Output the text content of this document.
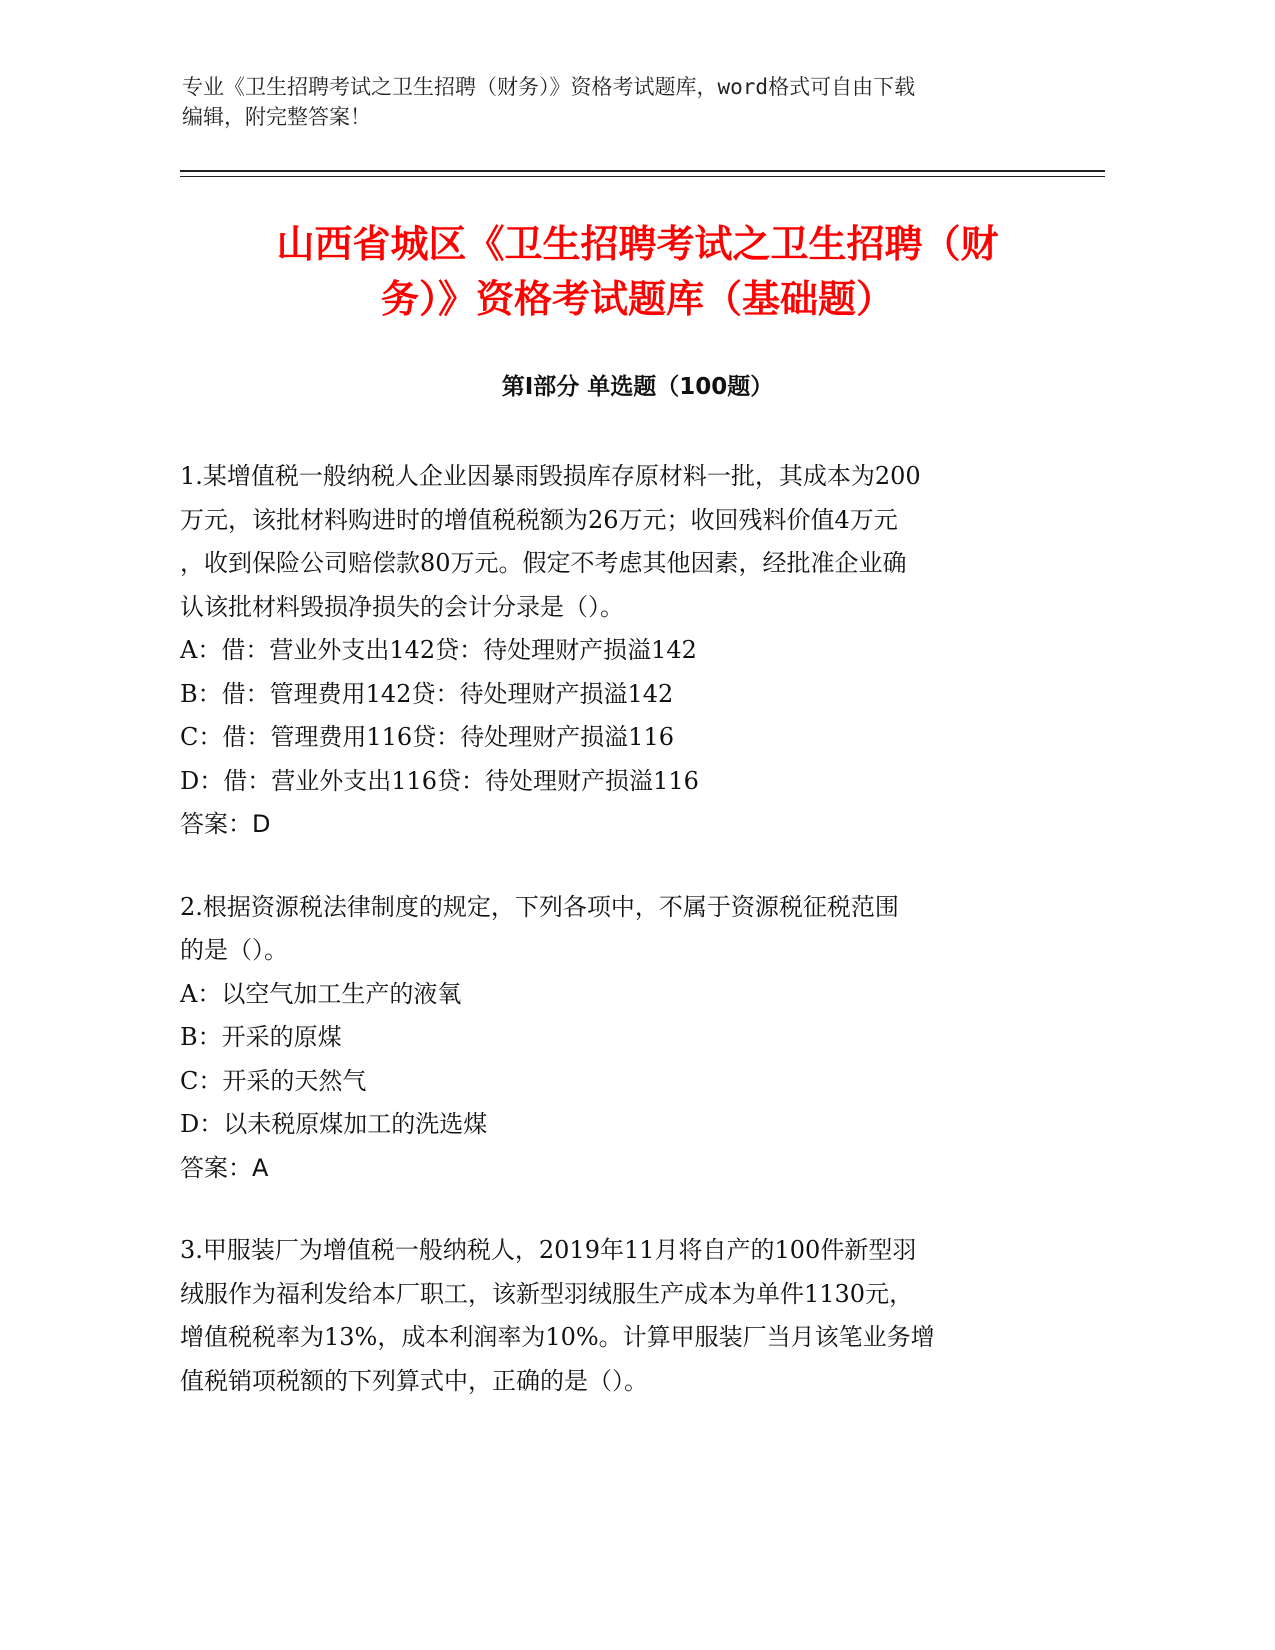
专业《卫生招聘考试之卫生招聘（财务）》资格考试题库，word格式可自由下载
编辑，附完整答案！
山西省城区《卫生招聘考试之卫生招聘（财
务）》资格考试题库（基础题）
第Ⅰ部分 单选题（100题）
1.某增值税一般纳税人企业因暴雨毁损库存原材料一批，其成本为200
万元，该批材料购进时的增值税税额为26万元；收回残料价值4万元
，收到保险公司赔偿款80万元。假定不考虑其他因素，经批准企业确
认该批材料毁损净损失的会计分录是（）。
A：借：营业外支出142贷：待处理财产损溢142
B：借：管理费用142贷：待处理财产损溢142
C：借：管理费用116贷：待处理财产损溢116
D：借：营业外支出116贷：待处理财产损溢116
答案：D
2.根据资源税法律制度的规定，下列各项中，不属于资源税征税范围
的是（）。
A：以空气加工生产的液氧
B：开采的原煤
C：开采的天然气
D：以未税原煤加工的洗选煤
答案：A
3.甲服装厂为增值税一般纳税人，2019年11月将自产的100件新型羽
绒服作为福利发给本厂职工，该新型羽绒服生产成本为单件1130元，
增值税税率为13%，成本利润率为10%。计算甲服装厂当月该笔业务增
值税销项税额的下列算式中，正确的是（）。
